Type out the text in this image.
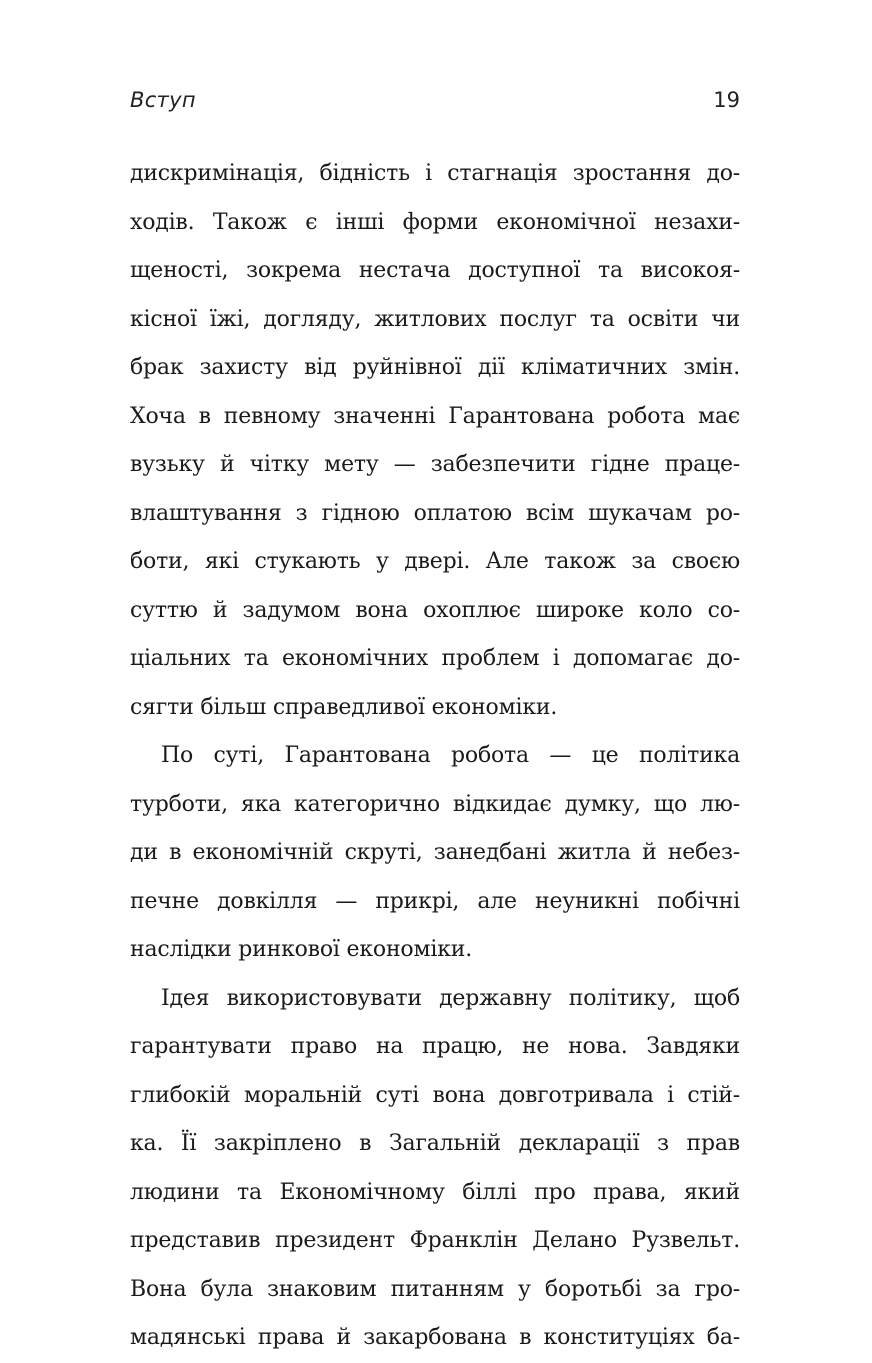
Вступ	19
дискримінація, бідність і стагнація зростання до-
ходів. Також є інші форми економічної незахи-
щеності, зокрема нестача доступної та високоя-
кісної їжі, догляду, житлових послуг та освіти чи
брак захисту від руйнівної дії кліматичних змін.
Хоча в певному значенні Гарантована робота має
вузьку й чітку мету — забезпечити гідне праце-
влаштування з гідною оплатою всім шукачам ро-
боти, які стукають у двері. Але також за своєю
суттю й задумом вона охоплює широке коло со-
ціальних та економічних проблем і допомагає до-
сягти більш справедливої економіки.
По суті, Гарантована робота — це політика
турботи, яка категорично відкидає думку, що лю-
ди в економічній скруті, занедбані житла й небез-
печне довкілля — прикрі, але неуникні побічні
наслідки ринкової економіки.
Ідея використовувати державну політику, щоб
гарантувати право на працю, не нова. Завдяки
глибокій моральній суті вона довготривала і стій-
ка. Її закріплено в Загальній декларації з прав
людини та Економічному біллі про права, який
представив президент Франклін Делано Рузвельт.
Вона була знаковим питанням у боротьбі за гро-
мадянські права й закарбована в конституціях ба-
